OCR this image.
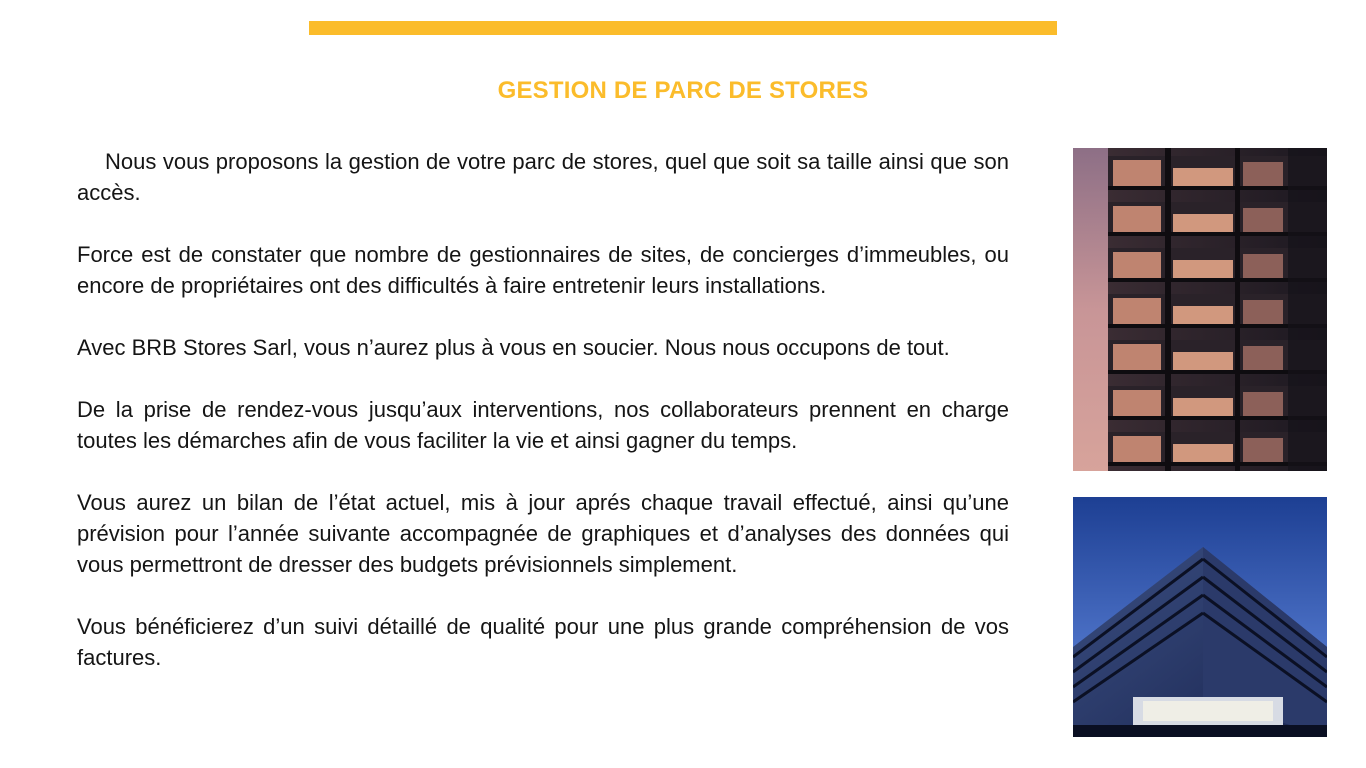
GESTION DE PARC DE STORES

Nous vous proposons la gestion de votre parc de stores, quel que soit sa taille ainsi que son accès.

Force est de constater que nombre de gestionnaires de sites, de concierges d’immeubles, ou encore de propriétaires ont des difficultés à faire entretenir leurs installations.

Avec BRB Stores Sarl, vous n’aurez plus à vous en soucier. Nous nous occupons de tout.

De la prise de rendez-vous jusqu’aux interventions, nos collaborateurs prennent en charge toutes les démarches afin de vous faciliter la vie et ainsi gagner du temps.

Vous aurez un bilan de l’état actuel, mis à jour aprés chaque travail effectué, ainsi qu’une prévision pour l’année suivante accompagnée de graphiques et d’analyses des données qui vous permettront de dresser des budgets prévisionnels simplement.

Vous bénéficierez d’un suivi détaillé de qualité pour une plus grande compréhension de vos factures.
